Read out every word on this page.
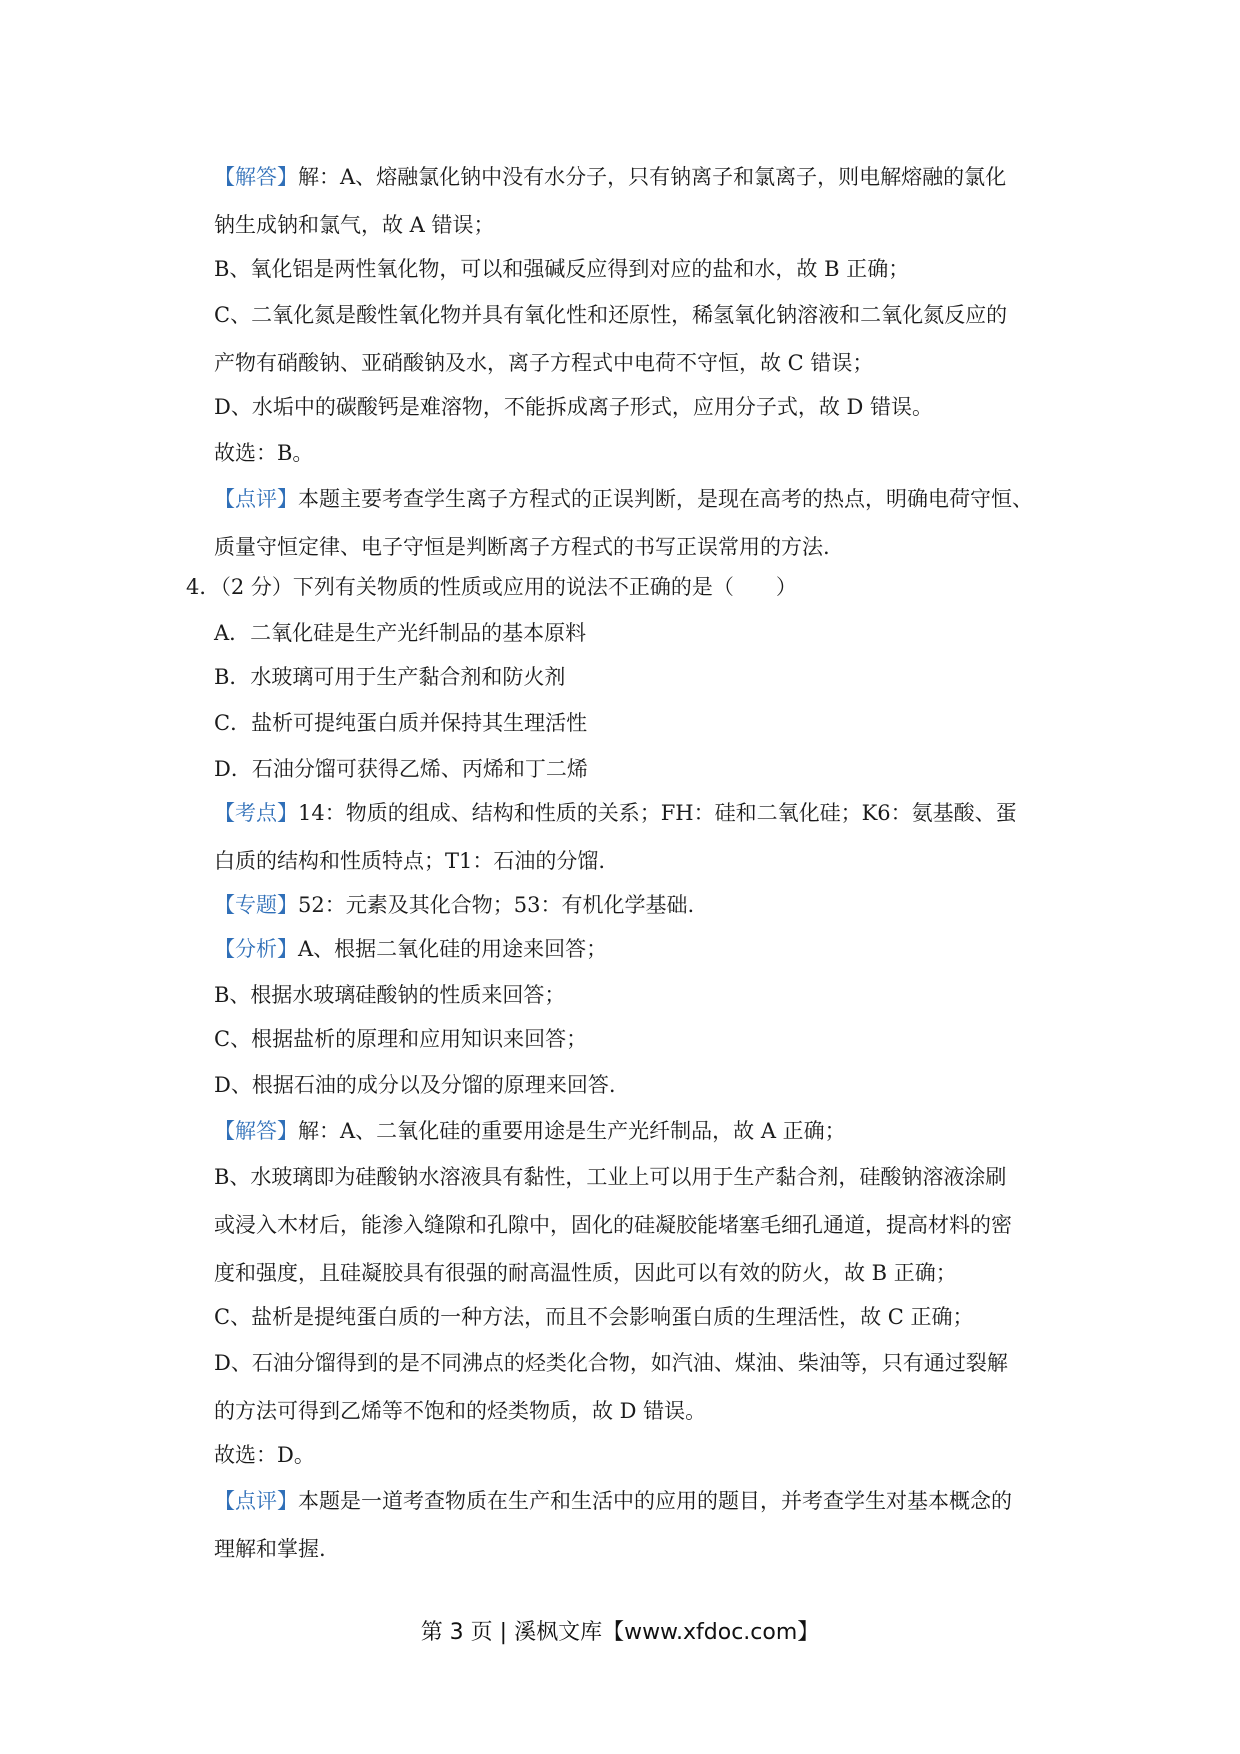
【解答】解：A、熔融氯化钠中没有水分子，只有钠离子和氯离子，则电解熔融的氯化
钠生成钠和氯气，故 A 错误；
B、氧化铝是两性氧化物，可以和强碱反应得到对应的盐和水，故 B 正确；
C、二氧化氮是酸性氧化物并具有氧化性和还原性，稀氢氧化钠溶液和二氧化氮反应的
产物有硝酸钠、亚硝酸钠及水，离子方程式中电荷不守恒，故 C 错误；
D、水垢中的碳酸钙是难溶物，不能拆成离子形式，应用分子式，故 D 错误。
故选：B。
【点评】本题主要考查学生离子方程式的正误判断，是现在高考的热点，明确电荷守恒、
质量守恒定律、电子守恒是判断离子方程式的书写正误常用的方法.
4．（2 分）下列有关物质的性质或应用的说法不正确的是（　　）
A．二氧化硅是生产光纤制品的基本原料
B．水玻璃可用于生产黏合剂和防火剂
C．盐析可提纯蛋白质并保持其生理活性
D．石油分馏可获得乙烯、丙烯和丁二烯
【考点】14：物质的组成、结构和性质的关系；FH：硅和二氧化硅；K6：氨基酸、蛋
白质的结构和性质特点；T1：石油的分馏.
【专题】52：元素及其化合物；53：有机化学基础.
【分析】A、根据二氧化硅的用途来回答；
B、根据水玻璃硅酸钠的性质来回答；
C、根据盐析的原理和应用知识来回答；
D、根据石油的成分以及分馏的原理来回答.
【解答】解：A、二氧化硅的重要用途是生产光纤制品，故 A 正确；
B、水玻璃即为硅酸钠水溶液具有黏性，工业上可以用于生产黏合剂，硅酸钠溶液涂刷
或浸入木材后，能渗入缝隙和孔隙中，固化的硅凝胶能堵塞毛细孔通道，提高材料的密
度和强度，且硅凝胶具有很强的耐高温性质，因此可以有效的防火，故 B 正确；
C、盐析是提纯蛋白质的一种方法，而且不会影响蛋白质的生理活性，故 C 正确；
D、石油分馏得到的是不同沸点的烃类化合物，如汽油、煤油、柴油等，只有通过裂解
的方法可得到乙烯等不饱和的烃类物质，故 D 错误。
故选：D。
【点评】本题是一道考查物质在生产和生活中的应用的题目，并考查学生对基本概念的
理解和掌握.
第 3 页 | 溪枫文库【www.xfdoc.com】
